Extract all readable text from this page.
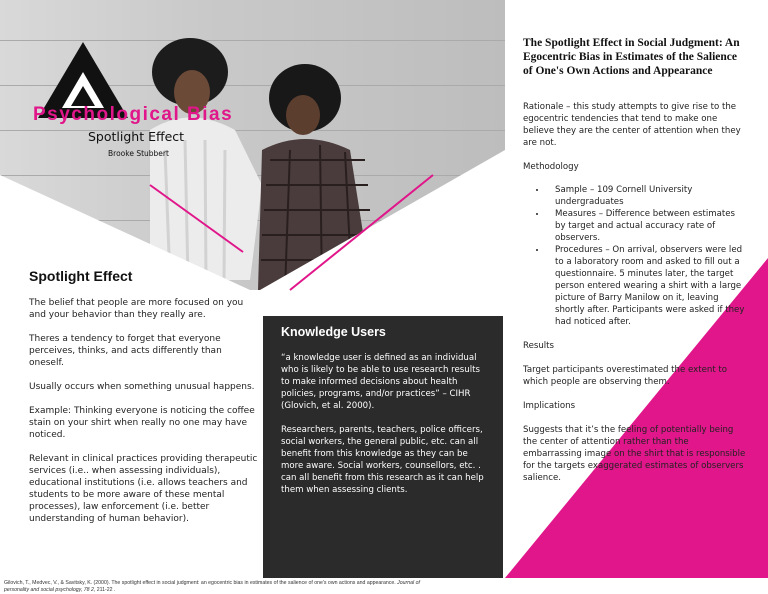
Psychological Bias
Spotlight Effect
Brooke Stubbert
Spotlight Effect

The belief that people are more focused on you and your behavior than they really are.

Theres a tendency to forget that everyone perceives, thinks, and acts differently than oneself.

Usually occurs when something unusual happens.

Example: Thinking everyone is noticing the coffee stain on your shirt when really no one may have noticed.

Relevant in clinical practices providing therapeutic services (i.e.. when assessing individuals), educational institutions (i.e. allows teachers and students to be more aware of these mental processes), law enforcement (i.e. better understanding of human behavior).

Knowledge Users

“a knowledge user is defined as an individual who is likely to be able to use research results to make informed decisions about health policies, programs, and/or practices” – CIHR (Glovich, et al. 2000).

Researchers, parents, teachers, police officers, social workers, the general public, etc. can all benefit from this knowledge as they can be more aware. Social workers, counsellors, etc. . can all benefit from this research as it can help them when assessing clients.

The Spotlight Effect in Social Judgment: An Egocentric Bias in Estimates of the Salience of One's Own Actions and Appearance

Rationale – this study attempts to give rise to the egocentric tendencies that tend to make one believe they are the center of attention when they are not.

Methodology

• Sample – 109 Cornell University undergraduates
• Measures – Difference between estimates by target and actual accuracy rate of observers.
• Procedures – On arrival, observers were led to a laboratory room and asked to fill out a questionnaire. 5 minutes later, the target person entered wearing a shirt with a large picture of Barry Manilow on it, leaving shortly after. Participants were asked if they had noticed after.

Results

Target participants overestimated the extent to which people are observing them.

Implications

Suggests that it’s the feeling of potentially being the center of attention rather than the embarrassing image on the shirt that is responsible for the targets exaggerated estimates of observers salience.

Gilovich, T., Medvec, V., & Savitsky, K. (2000). The spotlight effect in social judgment: an egocentric bias in estimates of the salience of one's own actions and appearance. Journal of personality and social psychology, 78 2, 211-22 .
